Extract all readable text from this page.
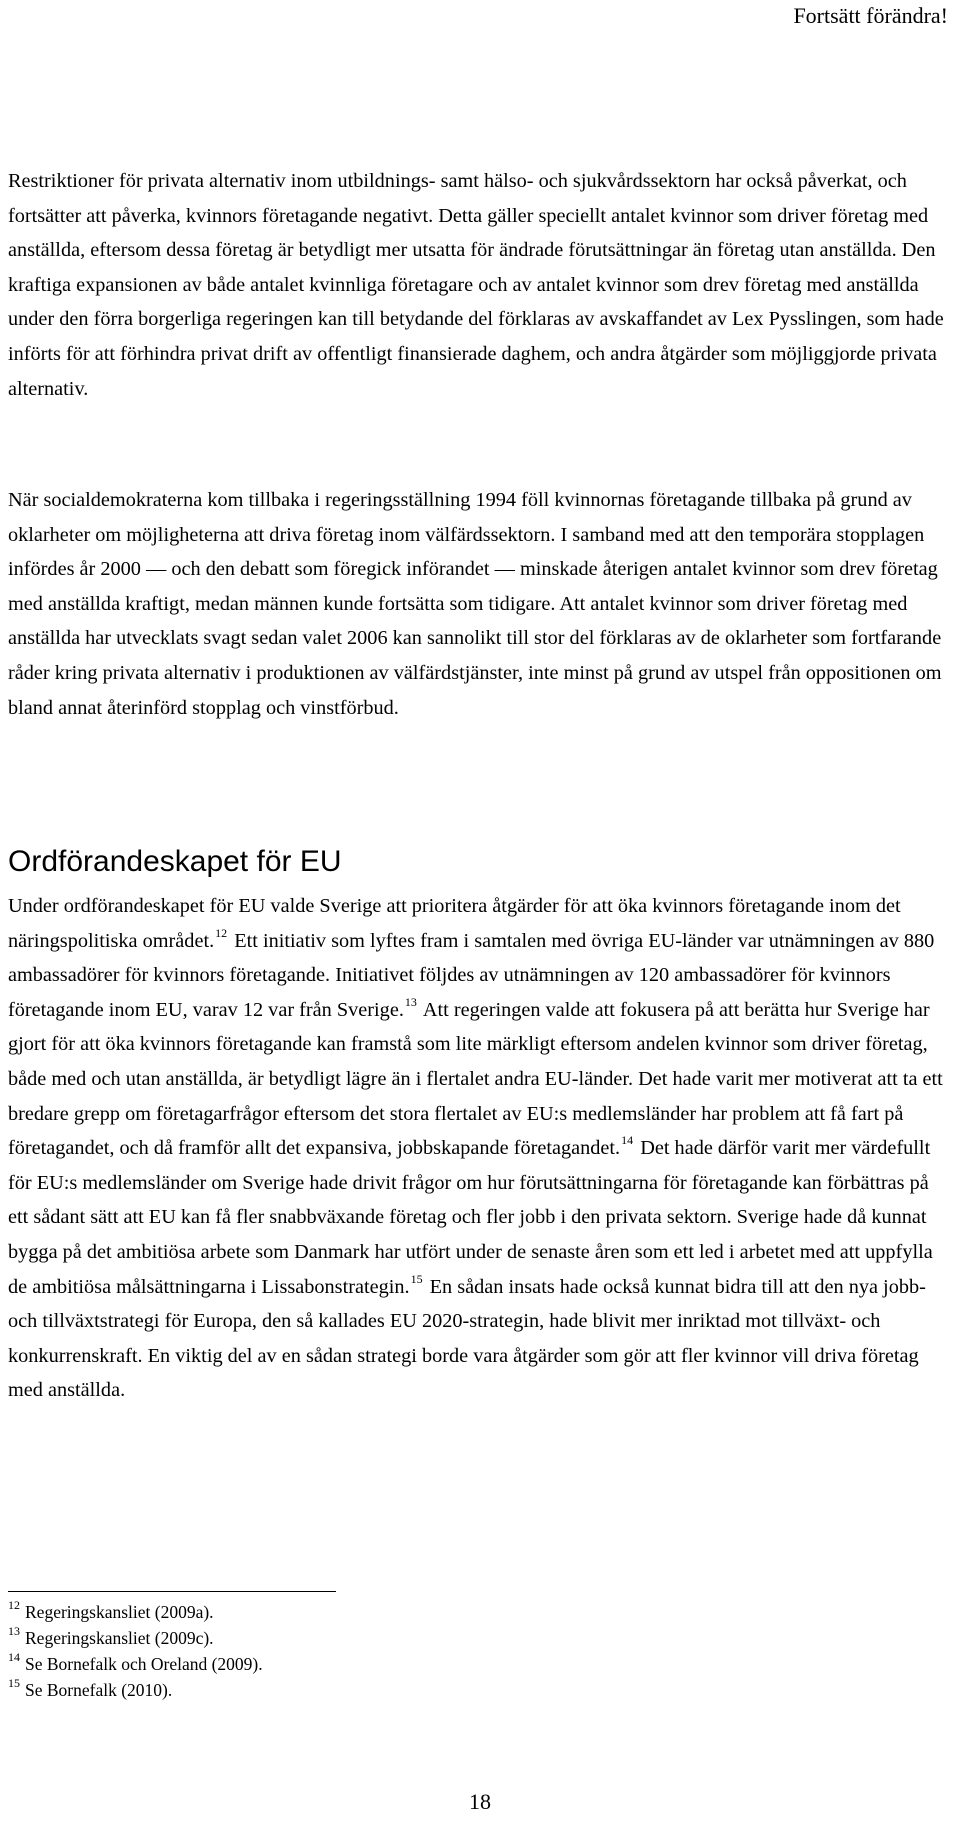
Fortsätt förändra!

Restriktioner för privata alternativ inom utbildnings- samt hälso- och sjukvårdssektorn har också påverkat, och fortsätter att påverka, kvinnors företagande negativt. Detta gäller speciellt antalet kvinnor som driver företag med anställda, eftersom dessa företag är betydligt mer utsatta för ändrade förutsättningar än företag utan anställda. Den kraftiga expansionen av både antalet kvinnliga företagare och av antalet kvinnor som drev företag med anställda under den förra borgerliga regeringen kan till betydande del förklaras av avskaffandet av Lex Pysslingen, som hade införts för att förhindra privat drift av offentligt finansierade daghem, och andra åtgärder som möjliggjorde privata alternativ.

När socialdemokraterna kom tillbaka i regeringsställning 1994 föll kvinnornas företagande tillbaka på grund av oklarheter om möjligheterna att driva företag inom välfärdssektorn. I samband med att den temporära stopplagen infördes år 2000 — och den debatt som föregick införandet — minskade återigen antalet kvinnor som drev företag med anställda kraftigt, medan männen kunde fortsätta som tidigare. Att antalet kvinnor som driver företag med anställda har utvecklats svagt sedan valet 2006 kan sannolikt till stor del förklaras av de oklarheter som fortfarande råder kring privata alternativ i produktionen av välfärdstjänster, inte minst på grund av utspel från oppositionen om bland annat återinförd stopplag och vinstförbud.

Ordförandeskapet för EU

Under ordförandeskapet för EU valde Sverige att prioritera åtgärder för att öka kvinnors företagande inom det näringspolitiska området.$^{12}$ Ett initiativ som lyftes fram i samtalen med övriga EU-länder var utnämningen av 880 ambassadörer för kvinnors företagande. Initiativet följdes av utnämningen av 120 ambassadörer för kvinnors företagande inom EU, varav 12 var från Sverige.$^{13}$ Att regeringen valde att fokusera på att berätta hur Sverige har gjort för att öka kvinnors företagande kan framstå som lite märkligt eftersom andelen kvinnor som driver företag, både med och utan anställda, är betydligt lägre än i flertalet andra EU-länder. Det hade varit mer motiverat att ta ett bredare grepp om företagarfrågor eftersom det stora flertalet av EU:s medlemsländer har problem att få fart på företagandet, och då framför allt det expansiva, jobbskapande företagandet.$^{14}$ Det hade därför varit mer värdefullt för EU:s medlemsländer om Sverige hade drivit frågor om hur förutsättningarna för företagande kan förbättras på ett sådant sätt att EU kan få fler snabbväxande företag och fler jobb i den privata sektorn. Sverige hade då kunnat bygga på det ambitiösa arbete som Danmark har utfört under de senaste åren som ett led i arbetet med att uppfylla de ambitiösa målsättningarna i Lissabonstrategin.$^{15}$ En sådan insats hade också kunnat bidra till att den nya jobb- och tillväxtstrategi för Europa, den så kallades EU 2020-strategin, hade blivit mer inriktad mot tillväxt- och konkurrenskraft. En viktig del av en sådan strategi borde vara åtgärder som gör att fler kvinnor vill driva företag med anställda.

$^{12}$ Regeringskansliet (2009a).
$^{13}$ Regeringskansliet (2009c).
$^{14}$ Se Bornefalk och Oreland (2009).
$^{15}$ Se Bornefalk (2010).
18
